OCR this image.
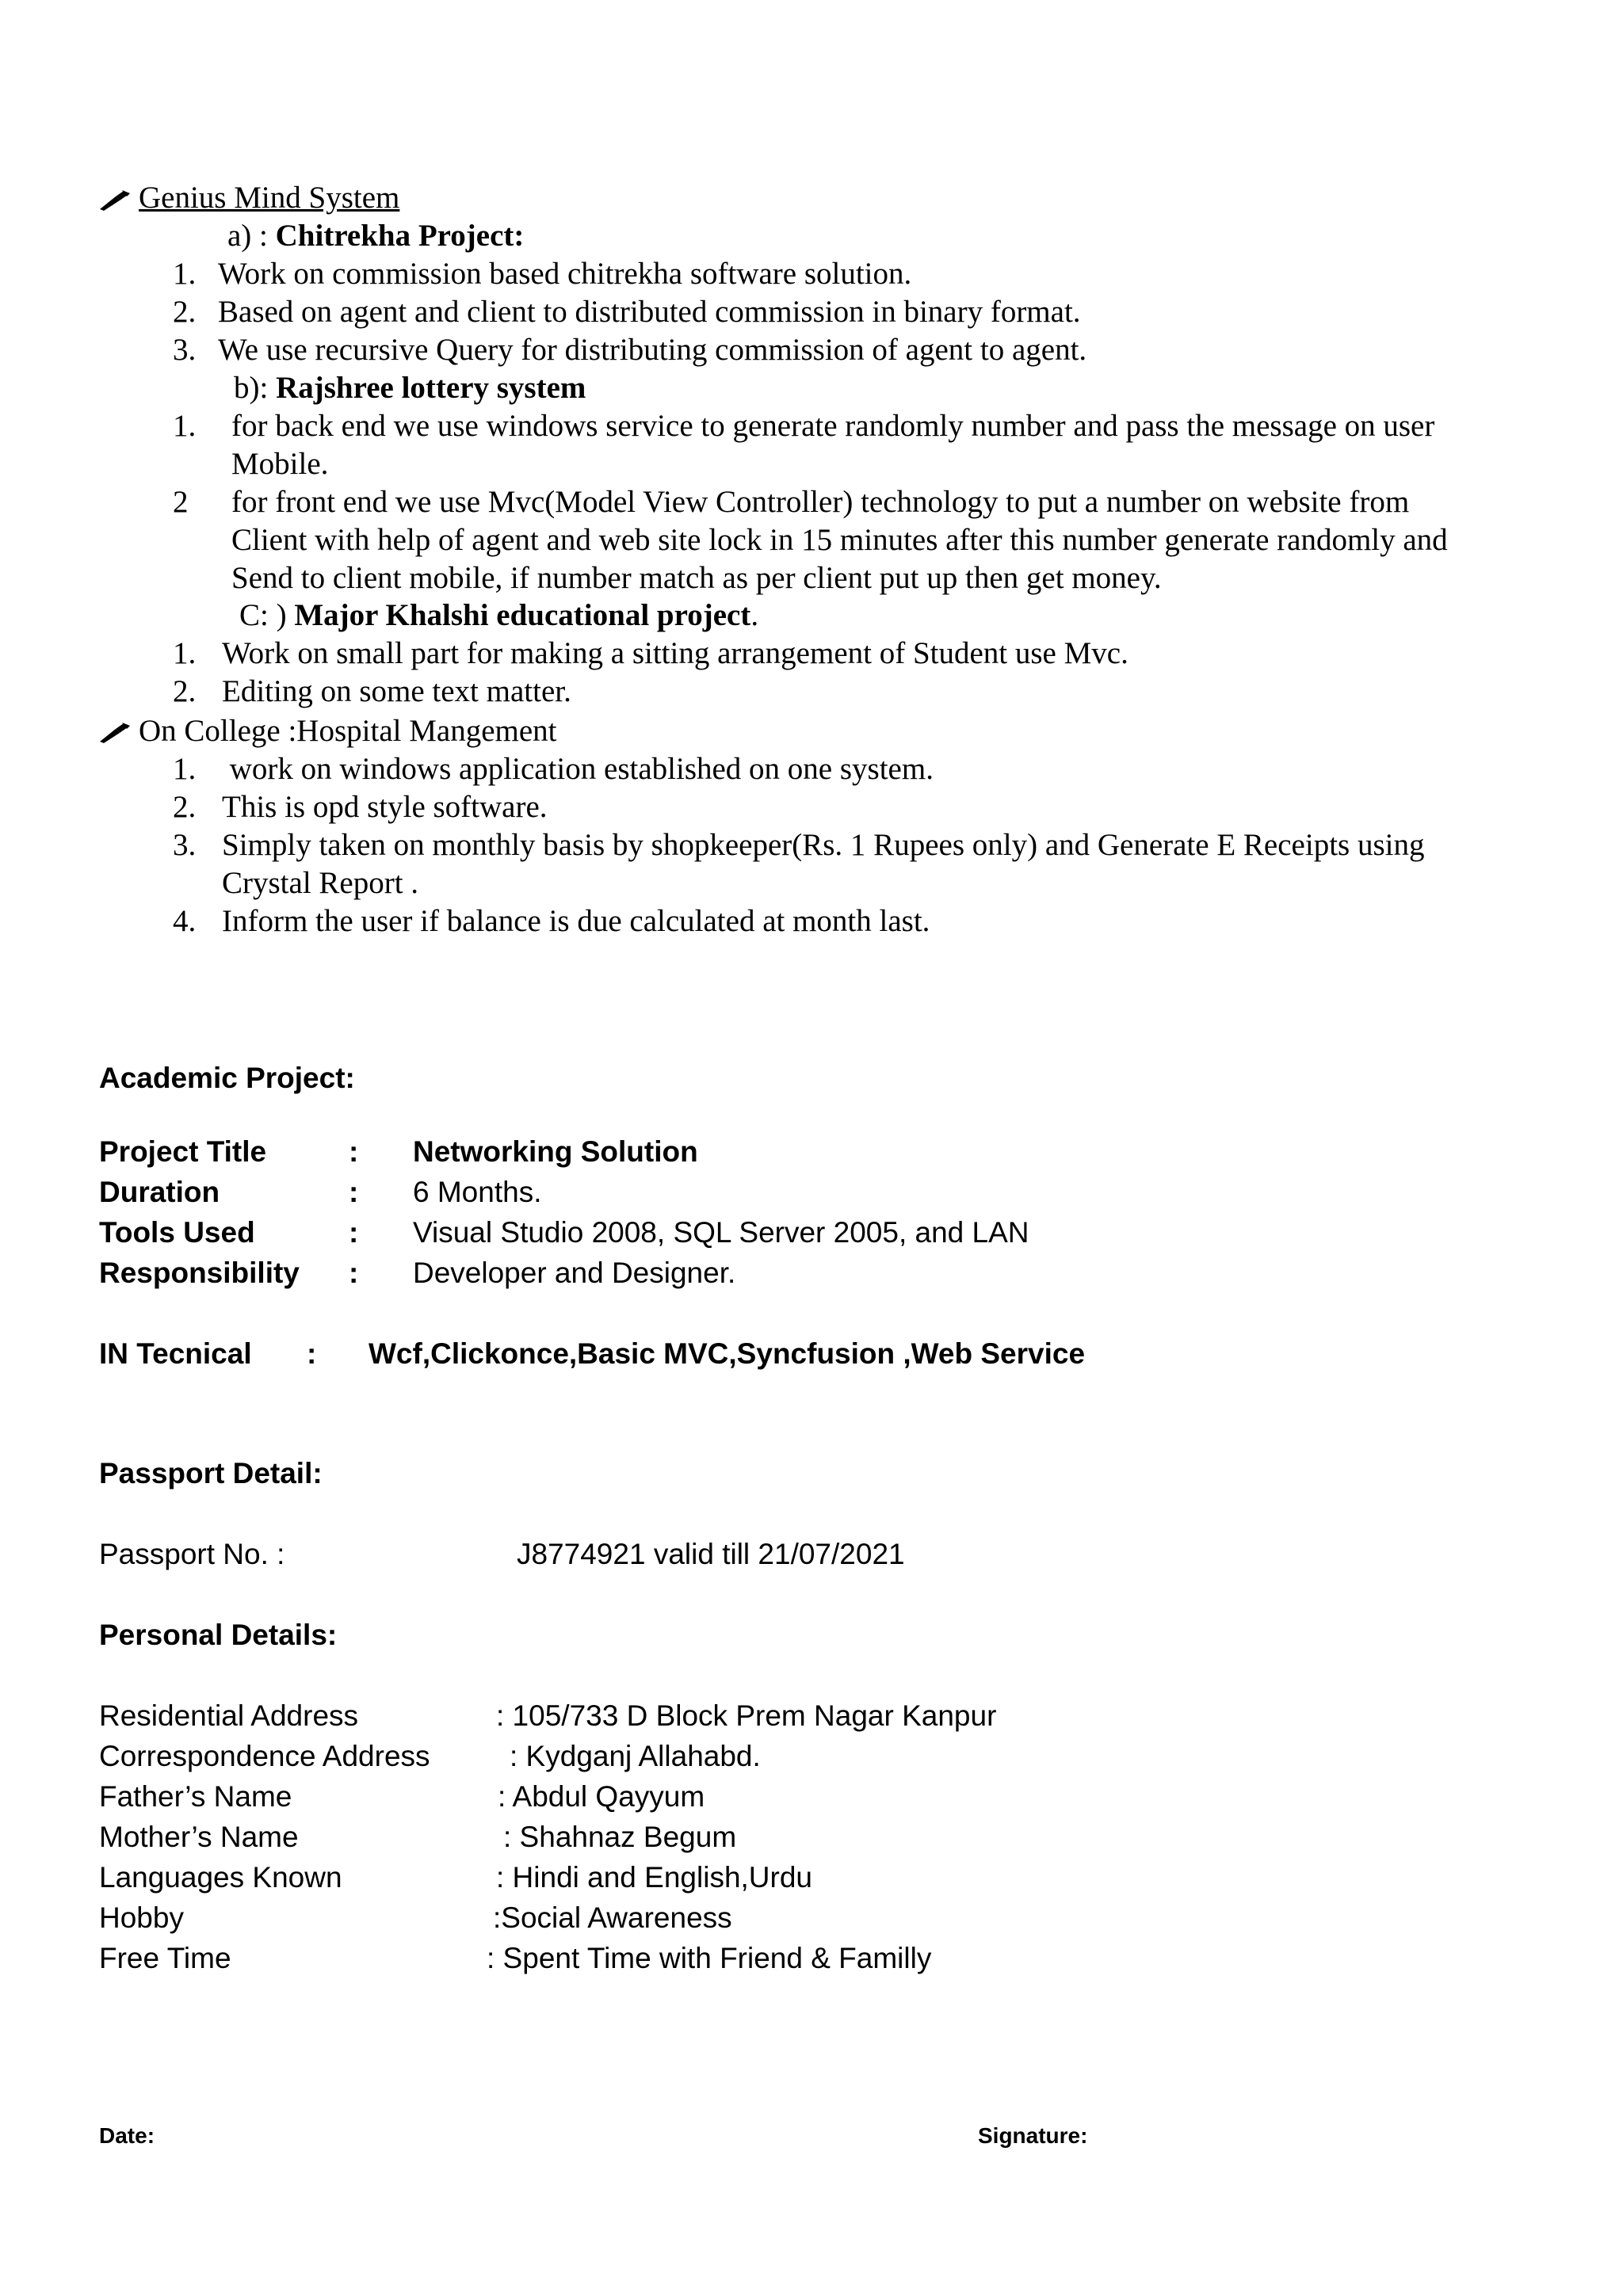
Genius Mind System
a) : Chitrekha Project:
1. Work on commission based chitrekha software solution.
2. Based on agent and client to distributed commission in binary format.
3. We use recursive Query for distributing commission of agent to agent.
b): Rajshree lottery system
1. for back end we use windows service to generate randomly number and pass the message on user
Mobile.
2 for front end we use Mvc(Model View Controller) technology to put a number on website from
Client with help of agent and web site lock in 15 minutes after this number generate randomly and
Send to client mobile, if number match as per client put up then get money.
C: ) Major Khalshi educational project.
1. Work on small part for making a sitting arrangement of Student use Mvc.
2. Editing on some text matter.
On College :Hospital Mangement
1. work on windows application established on one system.
2. This is opd style software.
3. Simply taken on monthly basis by shopkeeper(Rs. 1 Rupees only) and Generate E Receipts using
Crystal Report .
4. Inform the user if balance is due calculated at month last.
Academic Project:
Project Title	: Networking Solution
Duration	: 6 Months.
Tools Used	: Visual Studio 2008, SQL Server 2005, and LAN
Responsibility : Developer and Designer.
IN Tecnical : Wcf,Clickonce,Basic MVC,Syncfusion ,Web Service
Passport Detail:
Passport No. :	J8774921 valid till 21/07/2021
Personal Details:
Residential Address	: 105/733 D Block Prem Nagar Kanpur
Correspondence Address	: Kydganj Allahabd.
Father’s Name	: Abdul Qayyum
Mother’s Name	: Shahnaz Begum
Languages Known	: Hindi and English,Urdu
Hobby	:Social Awareness
Free Time	: Spent Time with Friend & Familly
Date:	Signature:
